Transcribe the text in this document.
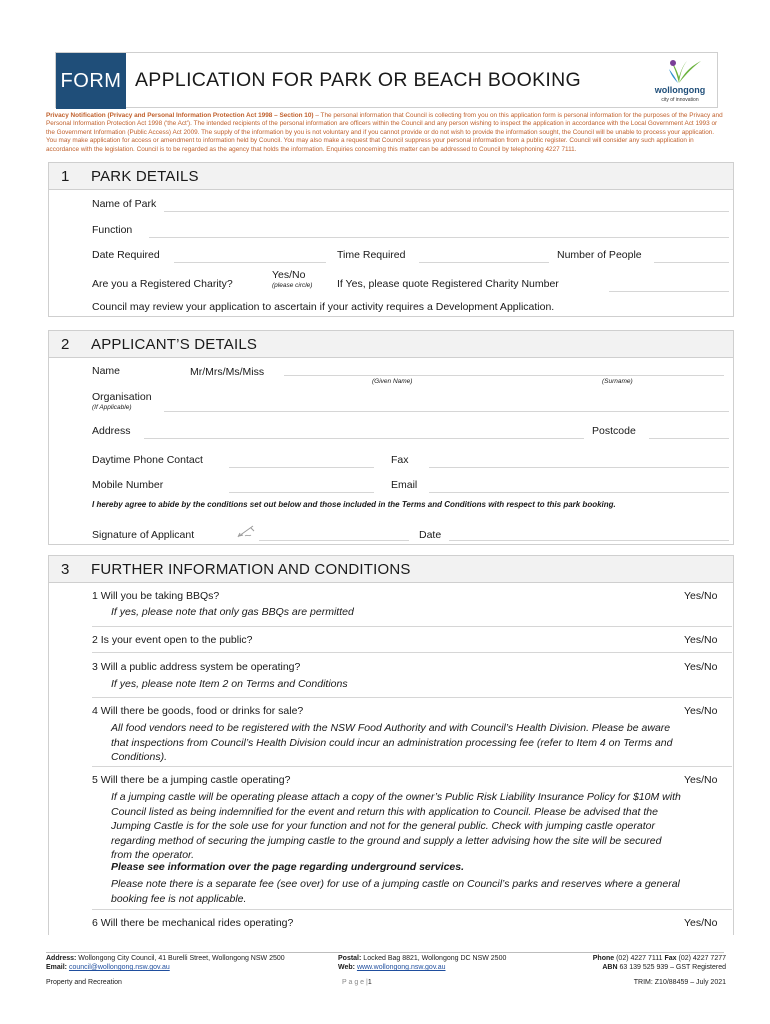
FORM APPLICATION FOR PARK OR BEACH BOOKING	wollongong
city of innovation
Privacy Notification (Privacy and Personal Information Protection Act 1998 – Section 10) – The personal information that Council is collecting from you on this application form is personal information for the purposes of the Privacy and Personal Information Protection Act 1998 ('the Act'). The intended recipients of the personal information are officers within the Council and any person wishing to inspect the application in accordance with the Local Government Act 1993 or the Government Information (Public Access) Act 2009. The supply of the information by you is not voluntary and if you cannot provide or do not wish to provide the information sought, the Council will be unable to process your application. You may make application for access or amendment to information held by Council. You may also make a request that Council suppress your personal information from a public register. Council will consider any such application in accordance with the legislation. Council is to be regarded as the agency that holds the information. Enquiries concerning this matter can be addressed to Council by telephoning 4227 7111.
1 PARK DETAILS
Name of Park
Function
Date Required	Time Required	Number of People
Are you a Registered Charity?
Yes/No
(please circle) If Yes, please quote Registered Charity Number
Council may review your application to ascertain if your activity requires a Development Application.
2 APPLICANT’S DETAILS
Name	Mr/Mrs/Ms/Miss
(Given Name)	(Surname)
Organisation
(If Applicable)
Address	Postcode
Daytime Phone Contact	Fax
Mobile Number	Email
I hereby agree to abide by the conditions set out below and those included in the Terms and Conditions with respect to this park booking.
Signature of Applicant	Date
3 FURTHER INFORMATION AND CONDITIONS
1 Will you be taking BBQs?	Yes/No
If yes, please note that only gas BBQs are permitted
2 Is your event open to the public?	Yes/No
3 Will a public address system be operating?	Yes/No
If yes, please note Item 2 on Terms and Conditions
4 Will there be goods, food or drinks for sale?	Yes/No
All food vendors need to be registered with the NSW Food Authority and with Council’s Health Division. Please be aware that inspections from Council’s Health Division could incur an administration processing fee (refer to Item 4 on Terms and Conditions).
5 Will there be a jumping castle operating?	Yes/No
If a jumping castle will be operating please attach a copy of the owner’s Public Risk Liability Insurance Policy for $10M with Council listed as being indemnified for the event and return this with application to Council. Please be advised that the Jumping Castle is for the sole use for your function and not for the general public. Check with jumping castle operator regarding method of securing the jumping castle to the ground and supply a letter advising how the site will be secured from the operator.
Please see information over the page regarding underground services.
Please note there is a separate fee (see over) for use of a jumping castle on Council’s parks and reserves where a general booking fee is not applicable.
6 Will there be mechanical rides operating?	Yes/No
Address: Wollongong City Council, 41 Burelli Street, Wollongong NSW 2500
Email: council@wollongong.nsw.gov.au
Postal: Locked Bag 8821, Wollongong DC NSW 2500
Web: www.wollongong.nsw.gov.au
Phone (02) 4227 7111 Fax (02) 4227 7277
ABN 63 139 525 939 – GST Registered
Property and Recreation	P a g e |1	TRIM: Z10/88459 – July 2021
